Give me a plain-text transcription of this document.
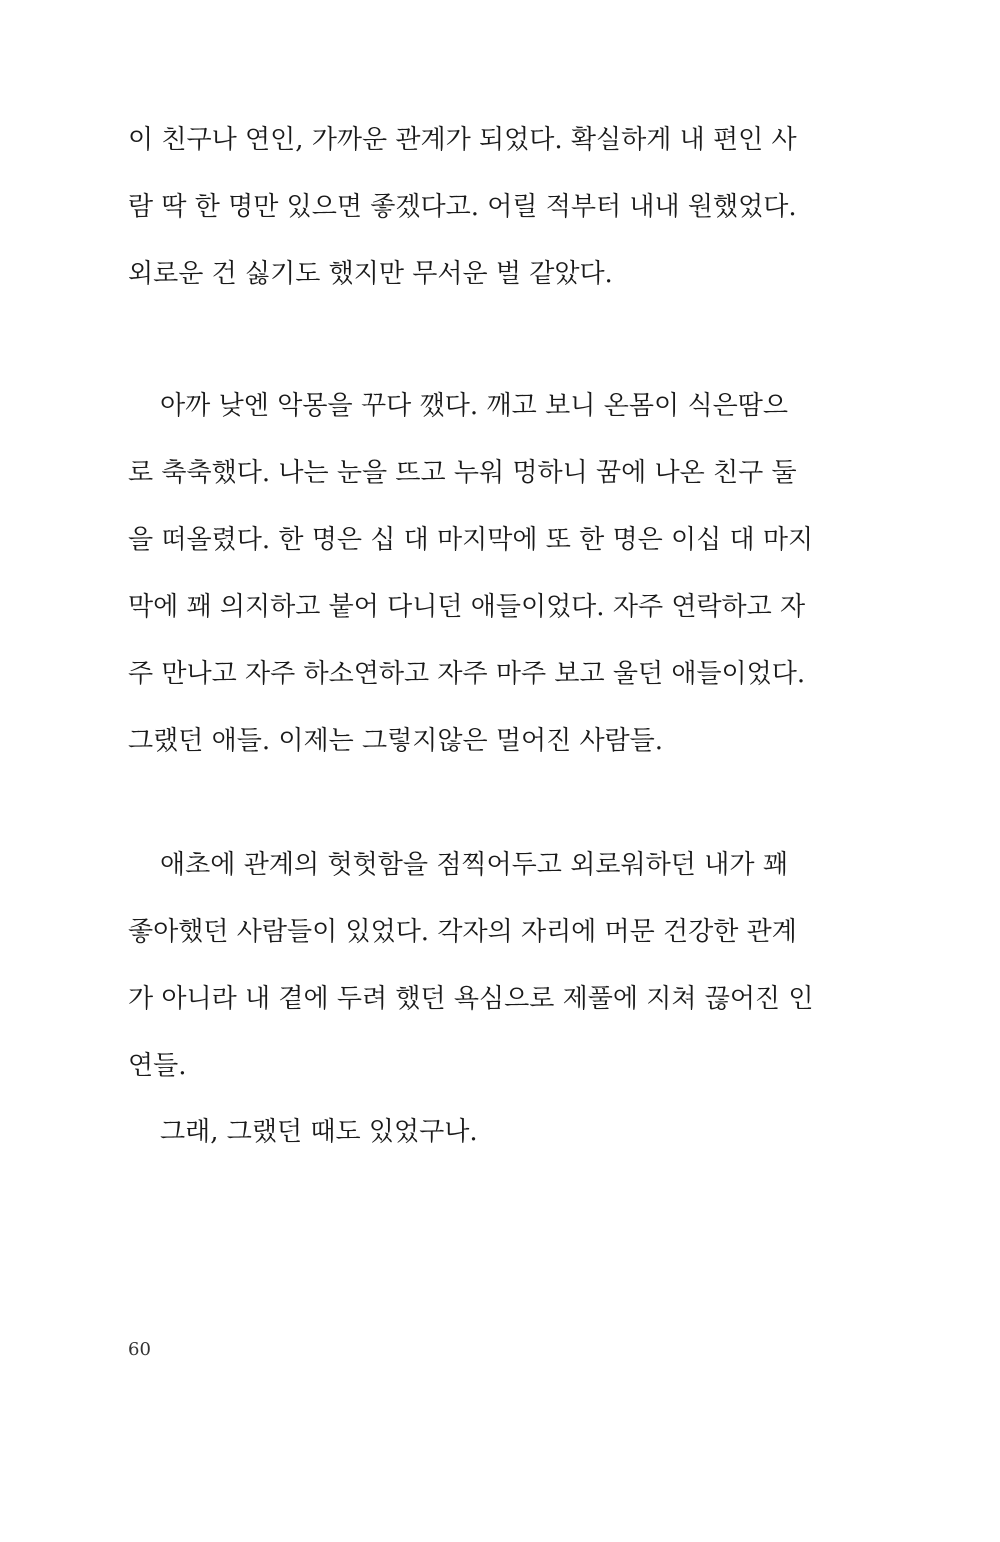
이 친구나 연인, 가까운 관계가 되었다. 확실하게 내 편인 사
람 딱 한 명만 있으면 좋겠다고. 어릴 적부터 내내 원했었다.
외로운 건 싫기도 했지만 무서운 벌 같았다.
아까 낮엔 악몽을 꾸다 깼다. 깨고 보니 온몸이 식은땀으
로 축축했다. 나는 눈을 뜨고 누워 멍하니 꿈에 나온 친구 둘
을 떠올렸다. 한 명은 십 대 마지막에 또 한 명은 이십 대 마지
막에 꽤 의지하고 붙어 다니던 애들이었다. 자주 연락하고 자
주 만나고 자주 하소연하고 자주 마주 보고 울던 애들이었다.
그랬던 애들. 이제는 그렇지않은 멀어진 사람들.
애초에 관계의 헛헛함을 점찍어두고 외로워하던 내가 꽤
좋아했던 사람들이 있었다. 각자의 자리에 머문 건강한 관계
가 아니라 내 곁에 두려 했던 욕심으로 제풀에 지쳐 끊어진 인
연들.
그래, 그랬던 때도 있었구나.
60
